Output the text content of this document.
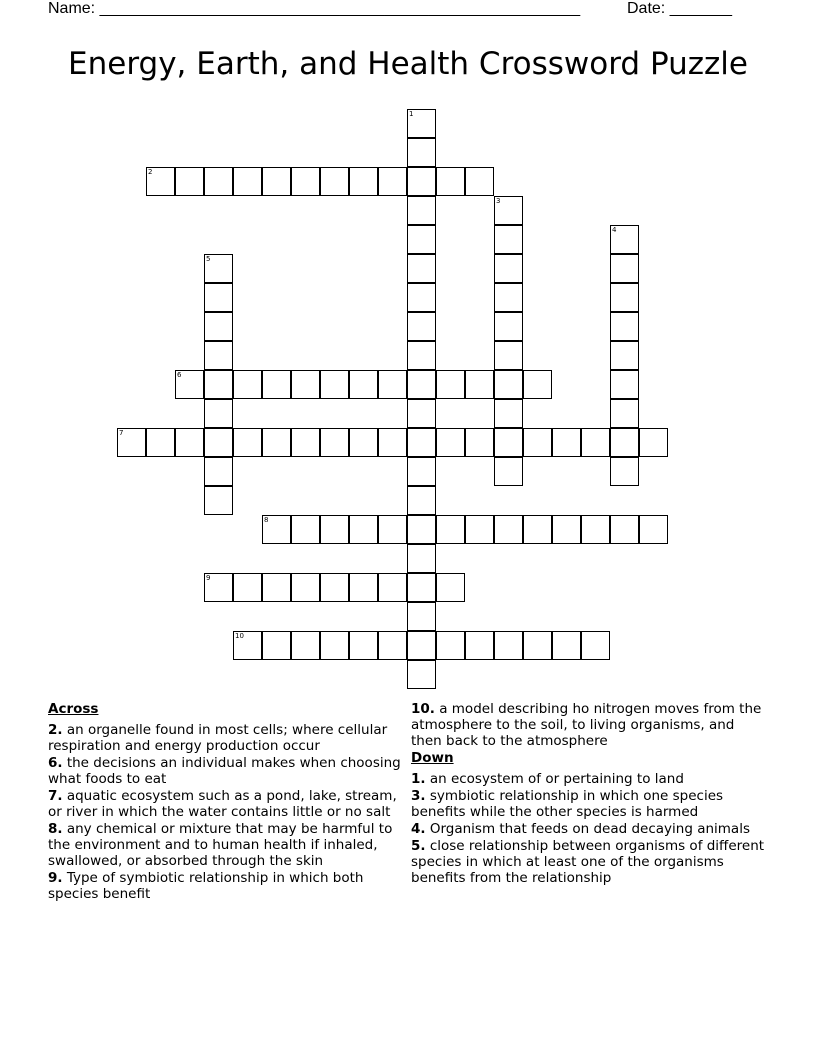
Name: ______________________________________________________

	Date: _______

Energy, Earth, and Health Crossword Puzzle
1
2
3
4
5
6
7
8
9
10
Across
2. an organelle found in most cells; where cellular respiration and energy production occur
6. the decisions an individual makes when choosing what foods to eat
7. aquatic ecosystem such as a pond, lake, stream, or river in which the water contains little or no salt
8. any chemical or mixture that may be harmful to the environment and to human health if inhaled, swallowed, or absorbed through the skin
9. Type of symbiotic relationship in which both species benefit
10. a model describing ho nitrogen moves from the atmosphere to the soil, to living organisms, and then back to the atmosphere
Down
1. an ecosystem of or pertaining to land
3. symbiotic relationship in which one species benefits while the other species is harmed
4. Organism that feeds on dead decaying animals
5. close relationship between organisms of different species in which at least one of the organisms benefits from the relationship
